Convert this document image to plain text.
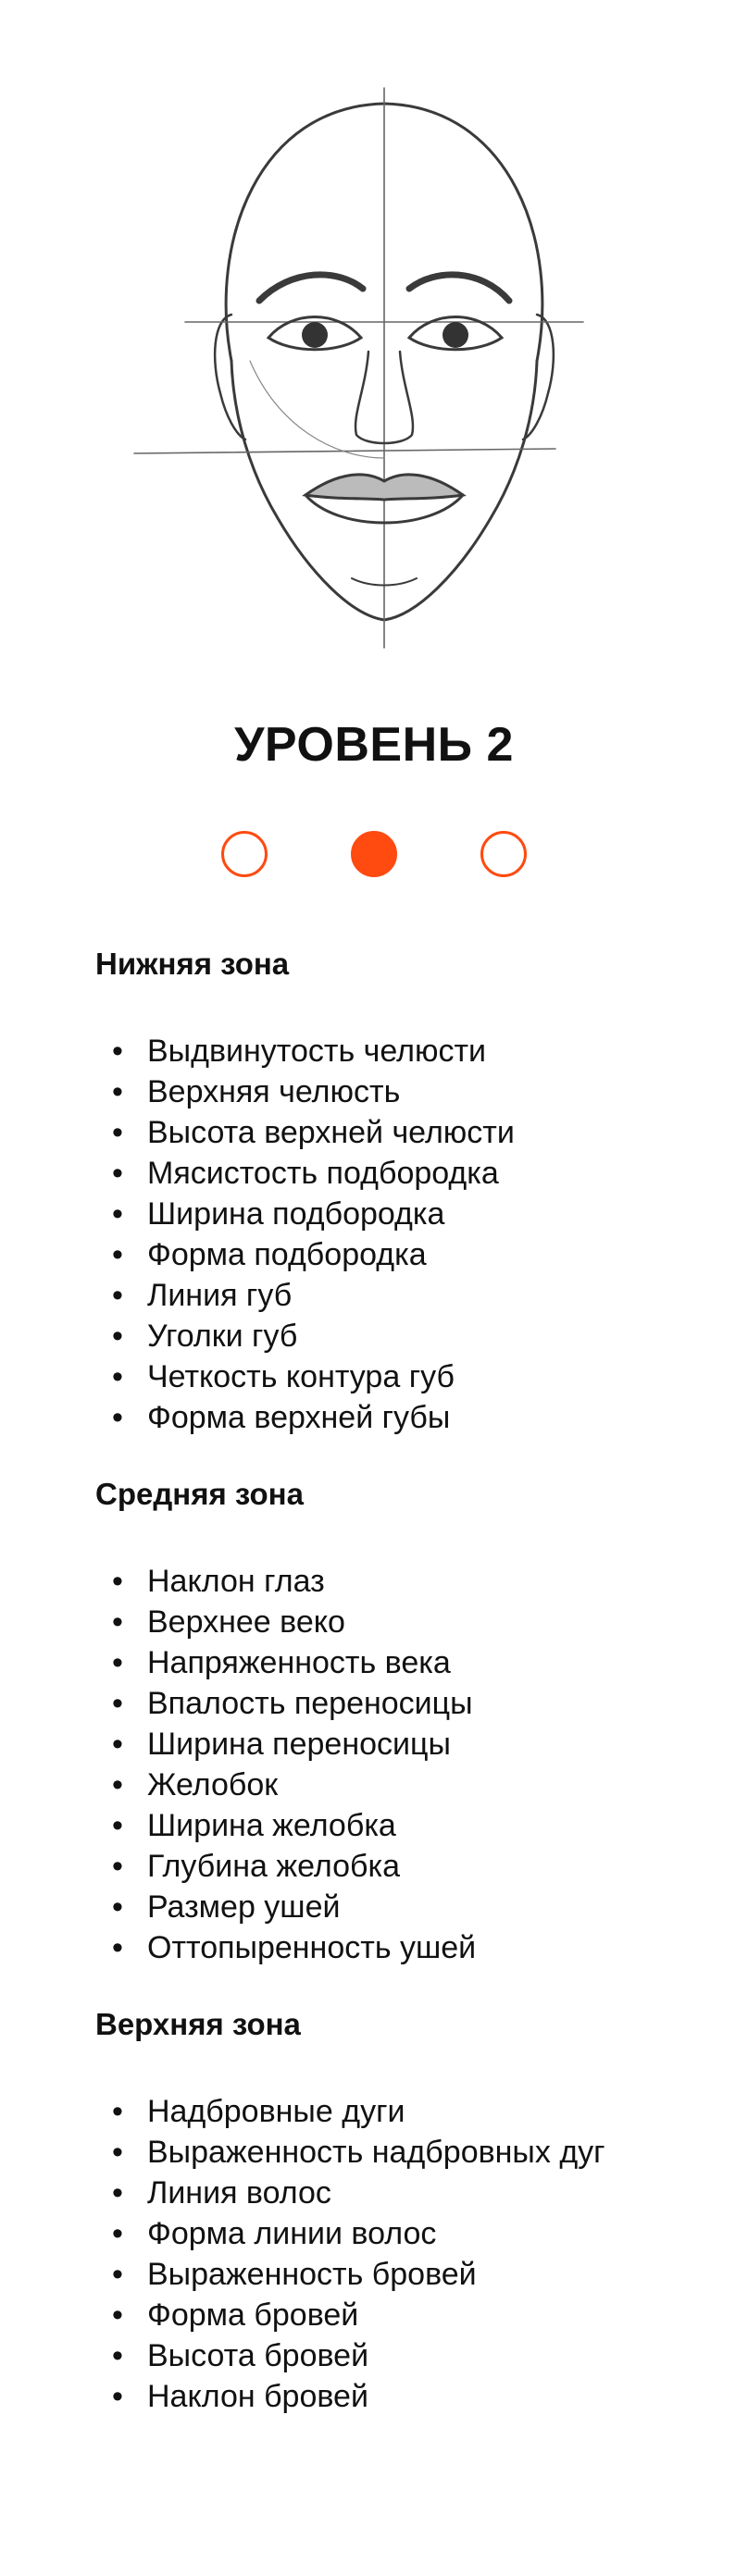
УРОВЕНЬ 2
Нижняя зона
• Выдвинутость челюсти
• Верхняя челюсть
• Высота верхней челюсти
• Мясистость подбородка
• Ширина подбородка
• Форма подбородка
• Линия губ
• Уголки губ
• Четкость контура губ
• Форма верхней губы
Средняя зона
• Наклон глаз
• Верхнее веко
• Напряженность века
• Впалость переносицы
• Ширина переносицы
• Желобок
• Ширина желобка
• Глубина желобка
• Размер ушей
• Оттопыренность ушей
Верхняя зона
• Надбровные дуги
• Выраженность надбровных дуг
• Линия волос
• Форма линии волос
• Выраженность бровей
• Форма бровей
• Высота бровей
• Наклон бровей
